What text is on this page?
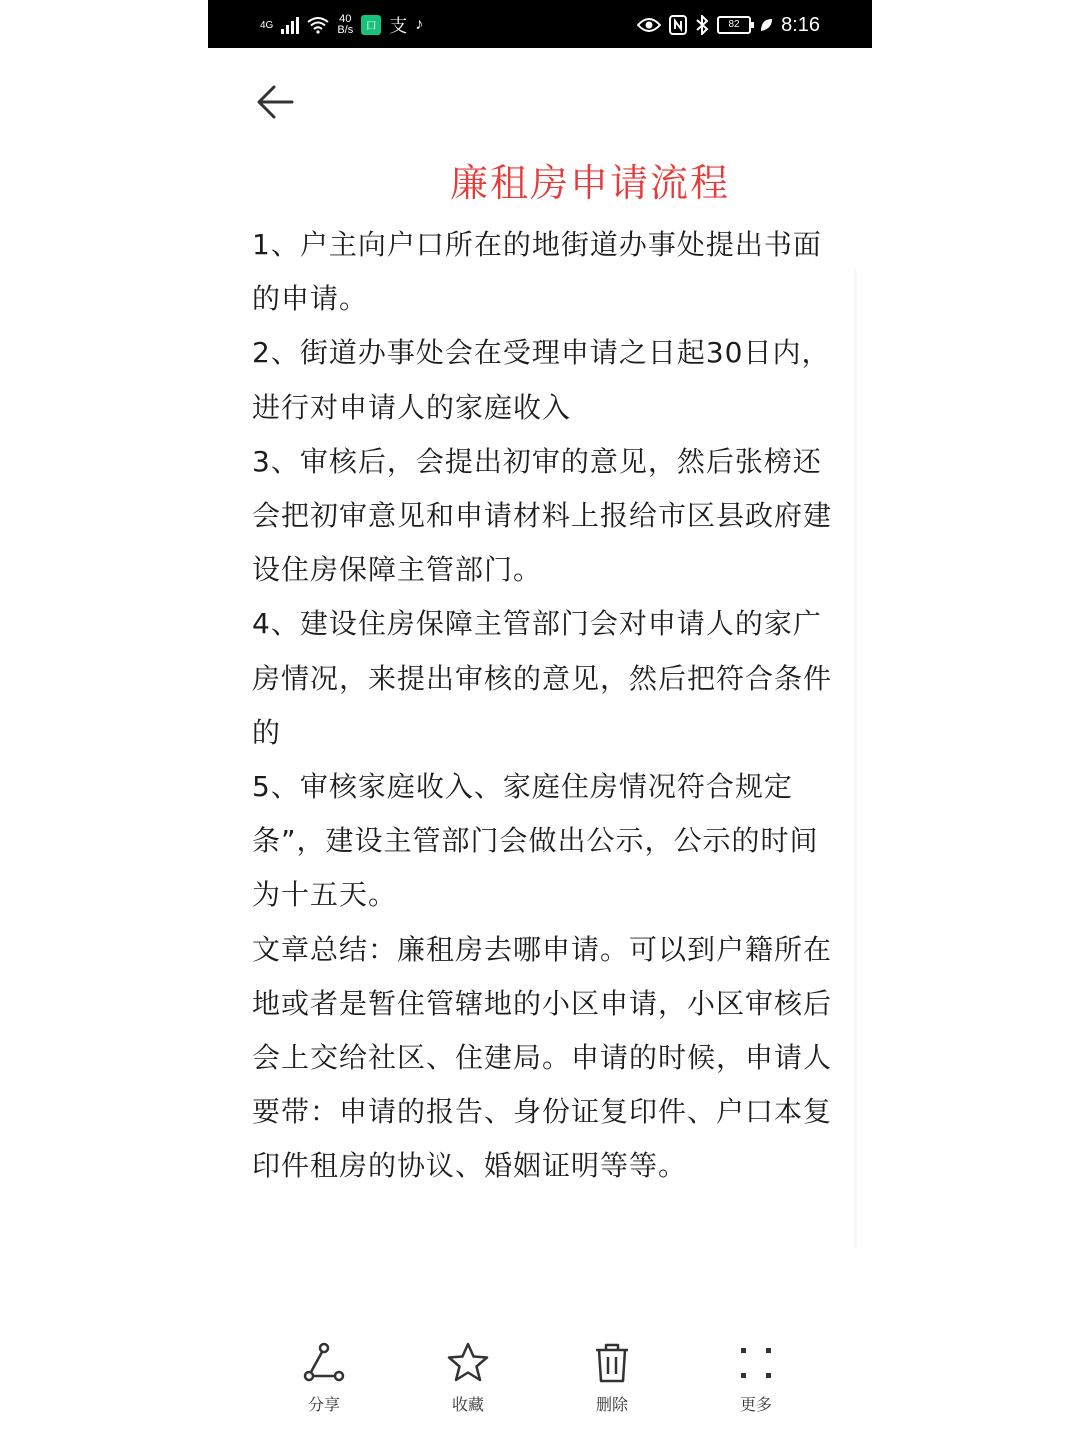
4G	40
B/s 口 支 ♪	82	8:16
廉租房申请流程

1、户主向户口所在的地街道办事处提出书面的申请。

2、街道办事处会在受理申请之日起30日内，进行对申请人的家庭收入

3、审核后，会提出初审的意见，然后张榜还会把初审意见和申请材料上报给市区县政府建设住房保障主管部门。

4、建设住房保障主管部门会对申请人的家广房情况，来提出审核的意见，然后把符合条件的

5、审核家庭收入、家庭住房情况符合规定条”，建设主管部门会做出公示，公示的时间为十五天。

文章总结：廉租房去哪申请。可以到户籍所在地或者是暂住管辖地的小区申请，小区审核后会上交给社区、住建局。申请的时候，申请人要带：申请的报告、身份证复印件、户口本复印件租房的协议、婚姻证明等等。

分享	收藏	删除	更多
